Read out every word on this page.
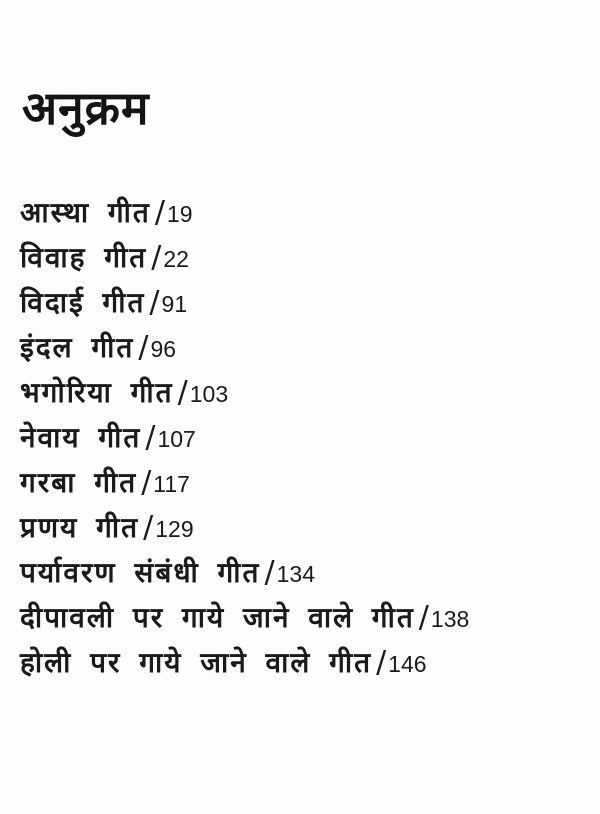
अनुक्रम
आस्था गीत /19
विवाह गीत /22
विदाई गीत /91
इंदल गीत /96
भगोरिया गीत /103
नेवाय गीत /107
गरबा गीत /117
प्रणय गीत /129
पर्यावरण संबंधी गीत /134
दीपावली पर गाये जाने वाले गीत /138
होली पर गाये जाने वाले गीत /146
